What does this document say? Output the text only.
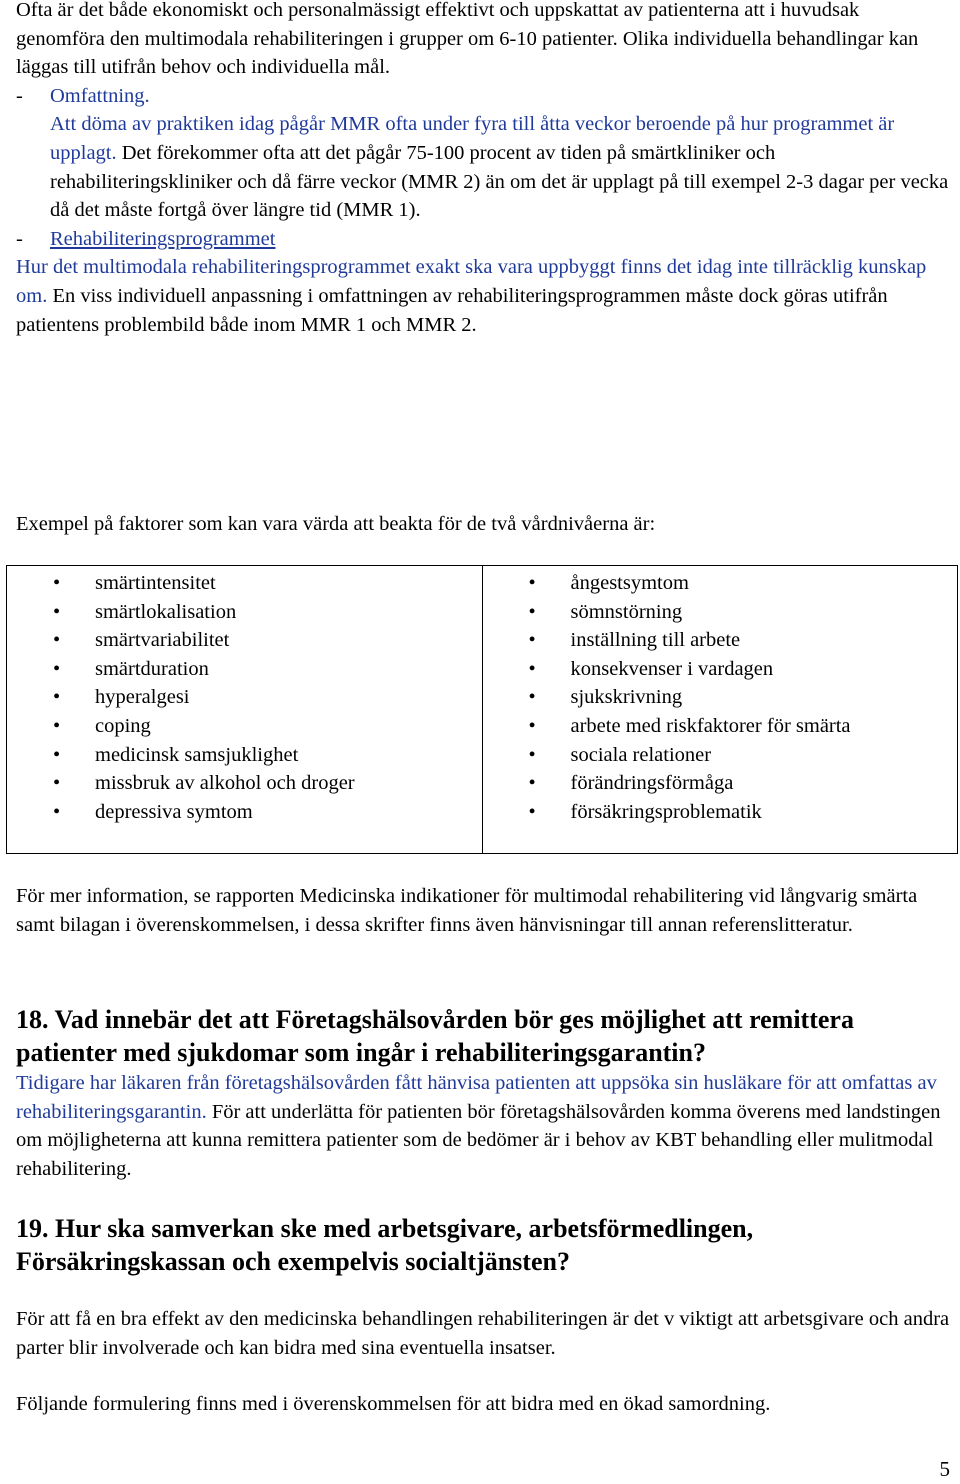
Ofta är det både ekonomiskt och personalmässigt effektivt och uppskattat av patienterna att i huvudsak genomföra den multimodala rehabiliteringen i grupper om 6-10 patienter. Olika individuella behandlingar kan läggas till utifrån behov och individuella mål.

- Omfattning.
Att döma av praktiken idag pågår MMR ofta under fyra till åtta veckor beroende på hur programmet är upplagt. Det förekommer ofta att det pågår 75-100 procent av tiden på smärtkliniker och rehabiliteringskliniker och då färre veckor (MMR 2) än om det är upplagt på till exempel 2-3 dagar per vecka då det måste fortgå över längre tid (MMR 1).

- Rehabiliteringsprogrammet

Hur det multimodala rehabiliteringsprogrammet exakt ska vara uppbyggt finns det idag inte tillräcklig kunskap om. En viss individuell anpassning i omfattningen av rehabiliteringsprogrammen måste dock göras utifrån patientens problembild både inom MMR 1 och MMR 2.

Exempel på faktorer som kan vara värda att beakta för de två vårdnivåerna är:

• smärtintensitet
• smärtlokalisation
• smärtvariabilitet
• smärtduration
• hyperalgesi
• coping
• medicinsk samsjuklighet
• missbruk av alkohol och droger
• depressiva symtom

• ångestsymtom
• sömnstörning
• inställning till arbete
• konsekvenser i vardagen
• sjukskrivning
• arbete med riskfaktorer för smärta
• sociala relationer
• förändringsförmåga
• försäkringsproblematik

För mer information, se rapporten Medicinska indikationer för multimodal rehabilitering vid långvarig smärta samt bilagan i överenskommelsen, i dessa skrifter finns även hänvisningar till annan referenslitteratur.

18. Vad innebär det att Företagshälsovården bör ges möjlighet att remittera patienter med sjukdomar som ingår i rehabiliteringsgarantin?

Tidigare har läkaren från företagshälsovården fått hänvisa patienten att uppsöka sin husläkare för att omfattas av rehabiliteringsgarantin. För att underlätta för patienten bör företagshälsovården komma överens med landstingen om möjligheterna att kunna remittera patienter som de bedömer är i behov av KBT behandling eller mulitmodal rehabilitering.

19. Hur ska samverkan ske med arbetsgivare, arbetsförmedlingen, Försäkringskassan och exempelvis socialtjänsten?

För att få en bra effekt av den medicinska behandlingen rehabiliteringen är det v viktigt att arbetsgivare och andra parter blir involverade och kan bidra med sina eventuella insatser.

Följande formulering finns med i överenskommelsen för att bidra med en ökad samordning.

5
